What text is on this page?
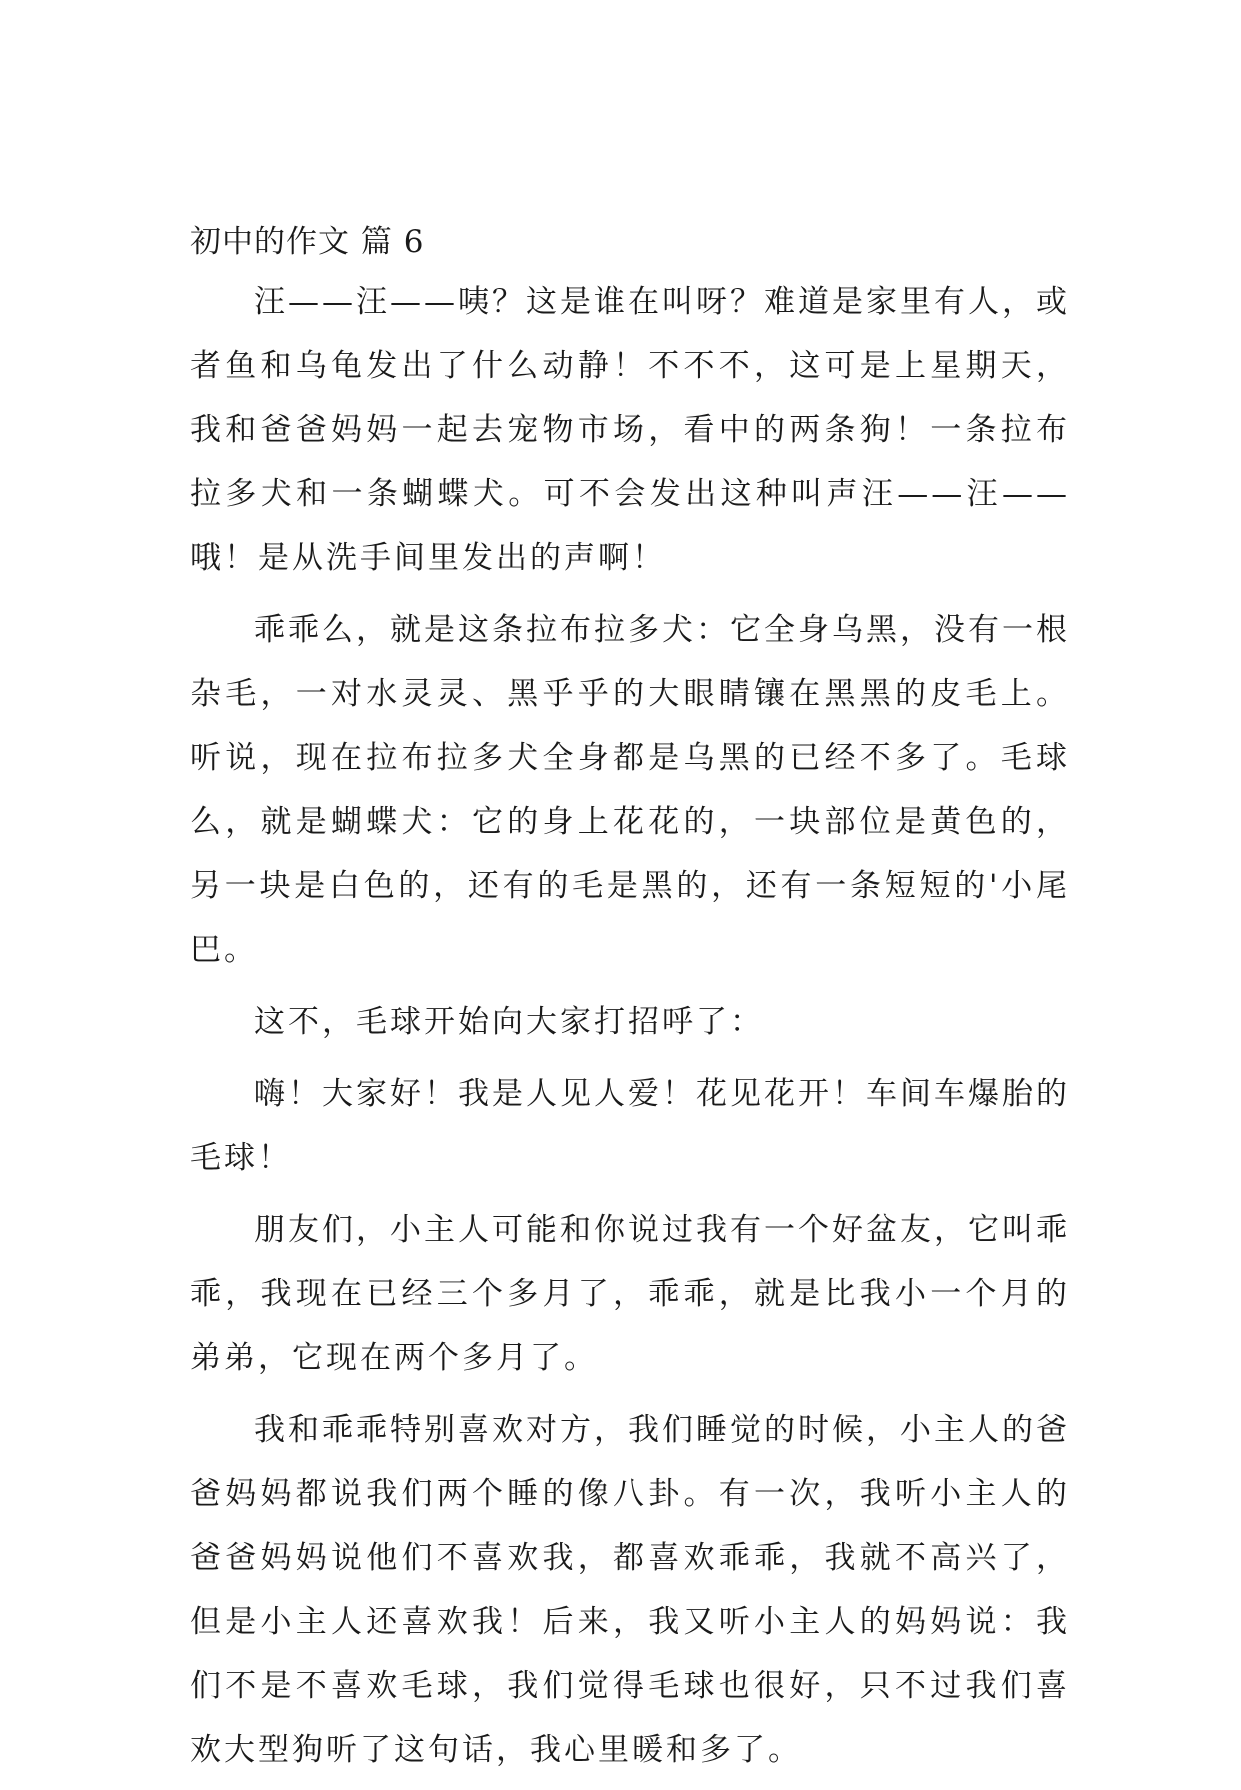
初中的作文 篇 6

汪——汪——咦？这是谁在叫呀？难道是家里有人，或者鱼和乌龟发出了什么动静！不不不，这可是上星期天，我和爸爸妈妈一起去宠物市场，看中的两条狗！一条拉布拉多犬和一条蝴蝶犬。可不会发出这种叫声汪——汪——哦！是从洗手间里发出的声啊！

乖乖么，就是这条拉布拉多犬：它全身乌黑，没有一根杂毛，一对水灵灵、黑乎乎的大眼睛镶在黑黑的皮毛上。听说，现在拉布拉多犬全身都是乌黑的已经不多了。毛球么，就是蝴蝶犬：它的身上花花的，一块部位是黄色的，另一块是白色的，还有的毛是黑的，还有一条短短的'小尾巴。

这不，毛球开始向大家打招呼了：

嗨！大家好！我是人见人爱！花见花开！车间车爆胎的毛球！

朋友们，小主人可能和你说过我有一个好盆友，它叫乖乖，我现在已经三个多月了，乖乖，就是比我小一个月的弟弟，它现在两个多月了。

我和乖乖特别喜欢对方，我们睡觉的时候，小主人的爸爸妈妈都说我们两个睡的像八卦。有一次，我听小主人的爸爸妈妈说他们不喜欢我，都喜欢乖乖，我就不高兴了，但是小主人还喜欢我！后来，我又听小主人的妈妈说：我们不是不喜欢毛球，我们觉得毛球也很好，只不过我们喜欢大型狗听了这句话，我心里暖和多了。
